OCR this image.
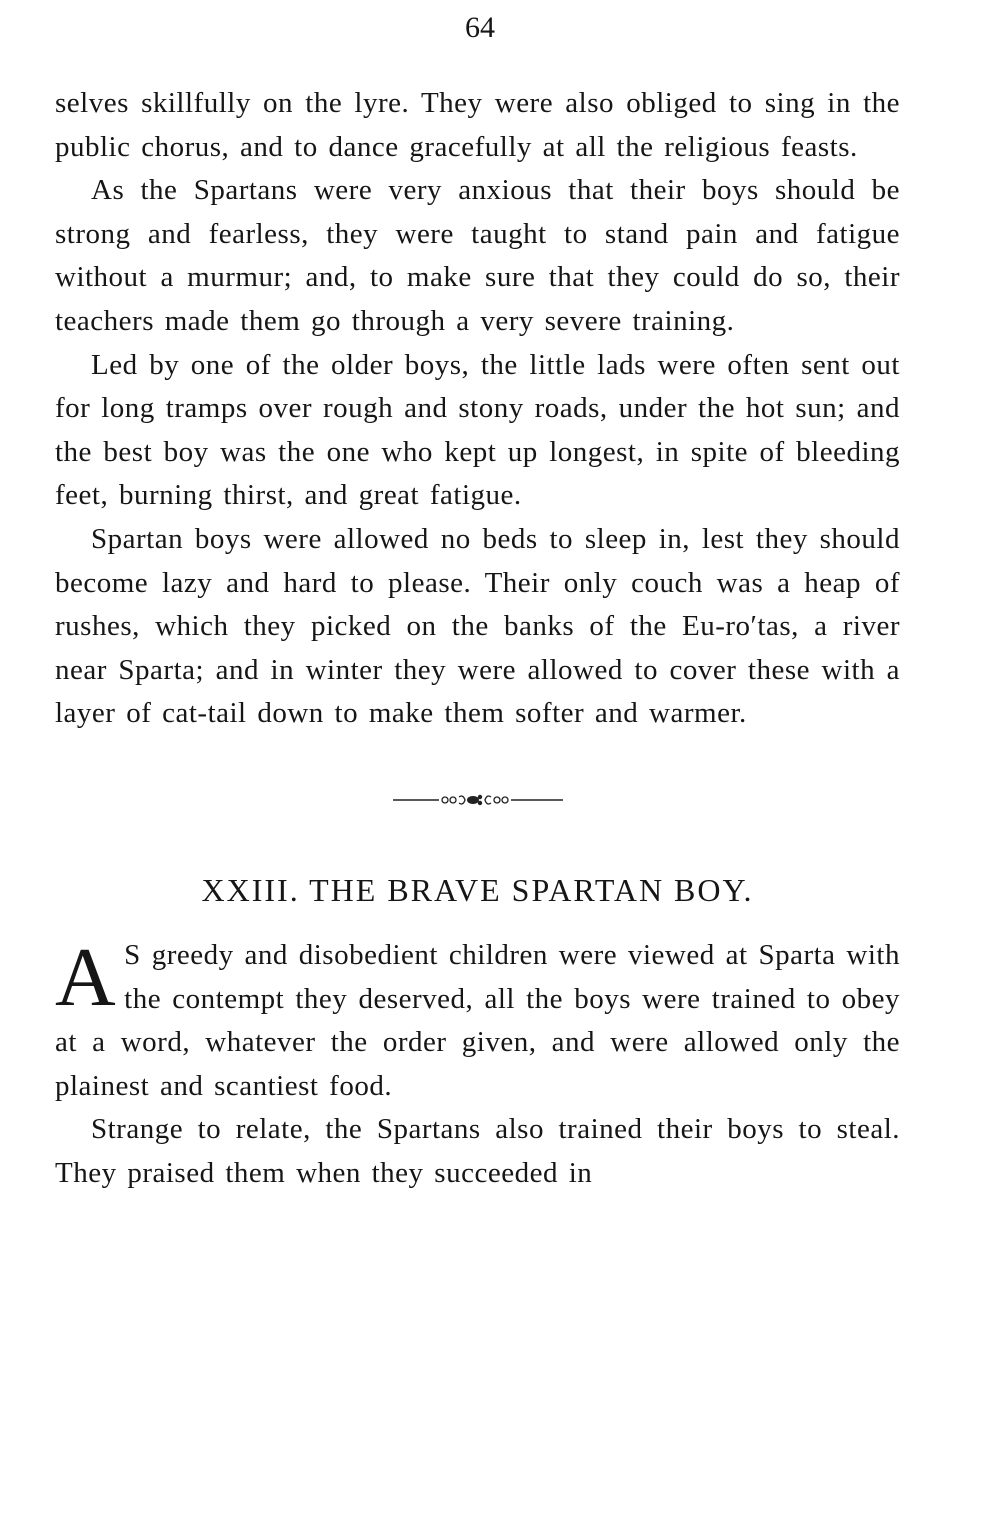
64

selves skillfully on the lyre. They were also obliged to sing in the public chorus, and to dance gracefully at all the religious feasts.

As the Spartans were very anxious that their boys should be strong and fearless, they were taught to stand pain and fatigue without a murmur; and, to make sure that they could do so, their teachers made them go through a very severe training.

Led by one of the older boys, the little lads were often sent out for long tramps over rough and stony roads, under the hot sun; and the best boy was the one who kept up longest, in spite of bleeding feet, burning thirst, and great fatigue.

Spartan boys were allowed no beds to sleep in, lest they should become lazy and hard to please. Their only couch was a heap of rushes, which they picked on the banks of the Eu-ro′tas, a river near Sparta; and in winter they were allowed to cover these with a layer of cat-tail down to make them softer and warmer.

XXIII. THE BRAVE SPARTAN BOY.

A S greedy and disobedient children were viewed at Sparta with the contempt they deserved, all the boys were trained to obey at a word, whatever the order given, and were allowed only the plainest and scantiest food.

Strange to relate, the Spartans also trained their boys to steal. They praised them when they succeeded in
